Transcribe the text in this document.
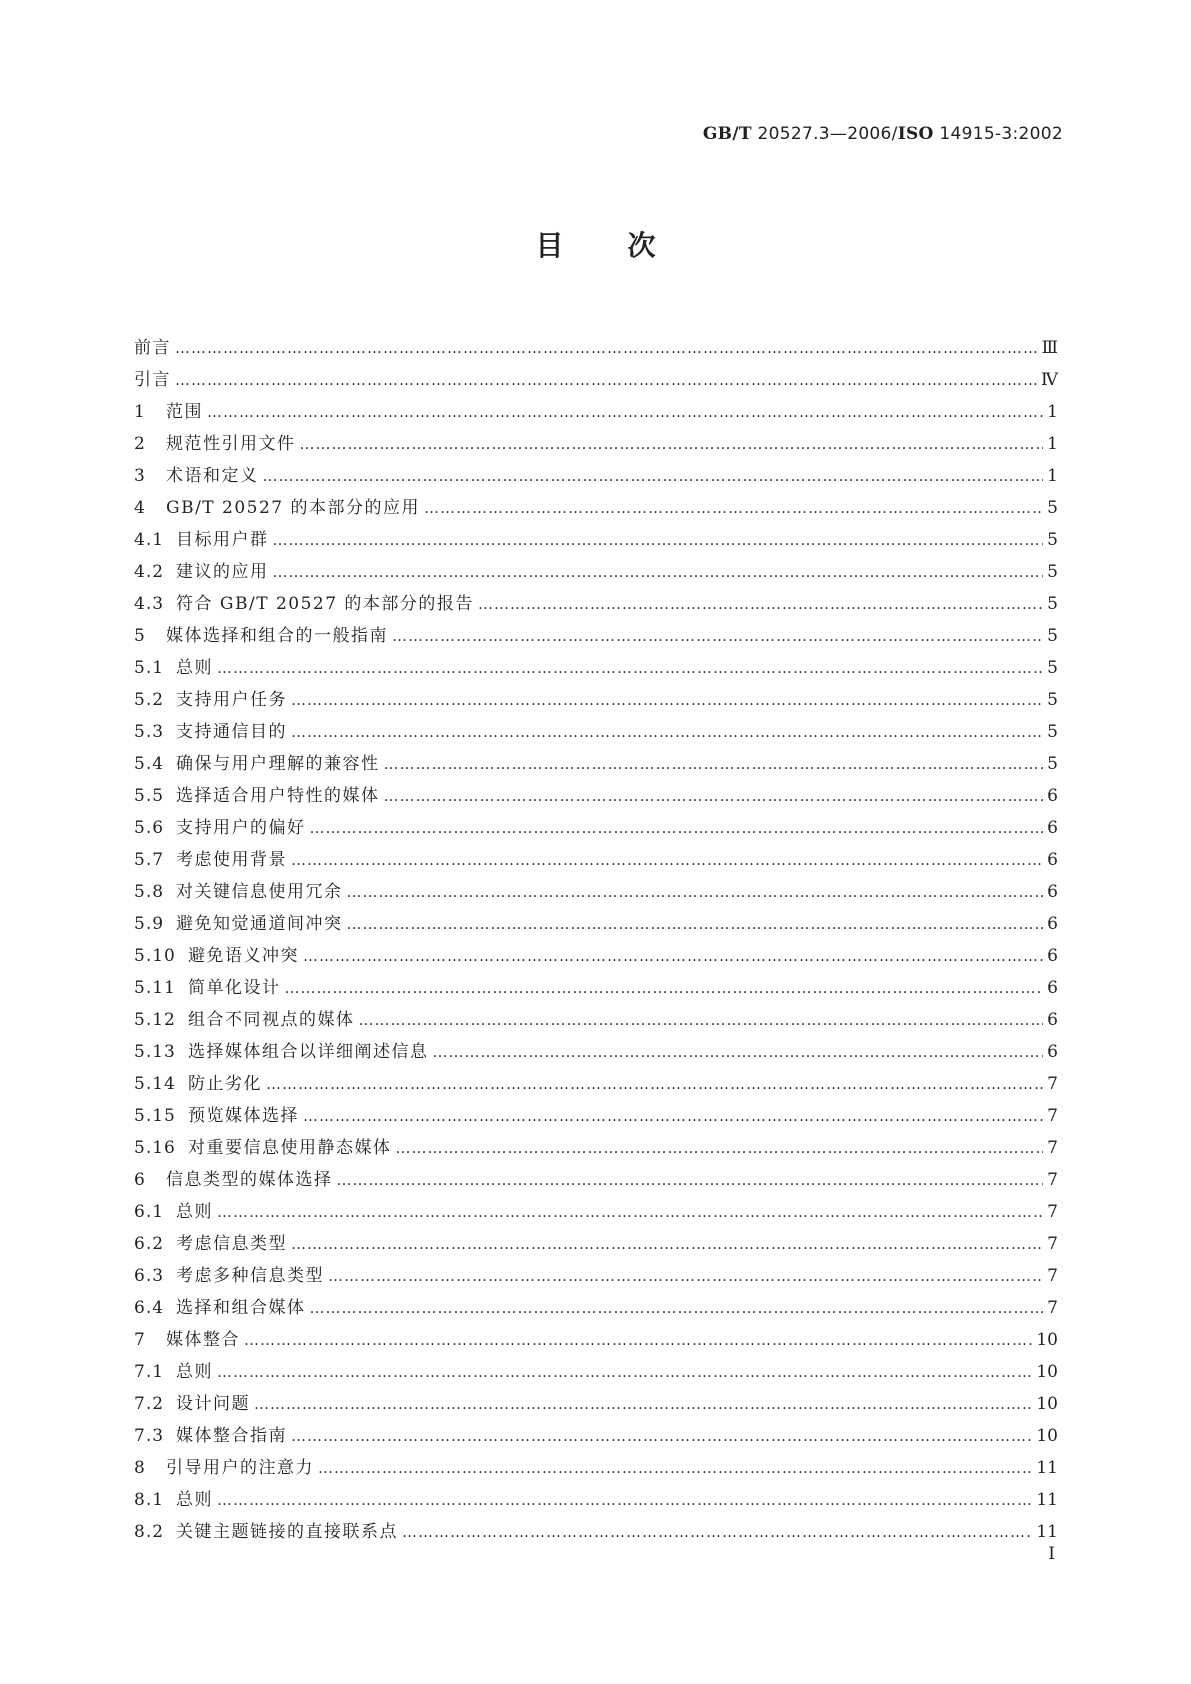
GB/T 20527.3—2006/ISO 14915-3:2002

目次
前言 ……………………………………………………………………………………………………………………………………………………………………………………………………………………	Ⅲ
引言 ……………………………………………………………………………………………………………………………………………………………………………………………………………………	Ⅳ
1	范围 ……………………………………………………………………………………………………………………………………………………………………………………………………………………	1
2	规范性引用文件 ……………………………………………………………………………………………………………………………………………………………………………………………………………………	1
3	术语和定义 ……………………………………………………………………………………………………………………………………………………………………………………………………………………	1
4	GB/T 20527 的本部分的应用 ……………………………………………………………………………………………………………………………………………………………………………………………………………………	5
4.1 目标用户群 ……………………………………………………………………………………………………………………………………………………………………………………………………………………	5
4.2 建议的应用 ……………………………………………………………………………………………………………………………………………………………………………………………………………………	5
4.3 符合 GB/T 20527 的本部分的报告 ……………………………………………………………………………………………………………………………………………………………………………………………………………………	5
5	媒体选择和组合的一般指南 ……………………………………………………………………………………………………………………………………………………………………………………………………………………	5
5.1 总则 ……………………………………………………………………………………………………………………………………………………………………………………………………………………	5
5.2 支持用户任务 ……………………………………………………………………………………………………………………………………………………………………………………………………………………	5
5.3 支持通信目的 ……………………………………………………………………………………………………………………………………………………………………………………………………………………	5
5.4 确保与用户理解的兼容性 ……………………………………………………………………………………………………………………………………………………………………………………………………………………	5
5.5 选择适合用户特性的媒体 ……………………………………………………………………………………………………………………………………………………………………………………………………………………	6
5.6 支持用户的偏好 ……………………………………………………………………………………………………………………………………………………………………………………………………………………	6
5.7 考虑使用背景 ……………………………………………………………………………………………………………………………………………………………………………………………………………………	6
5.8 对关键信息使用冗余 ……………………………………………………………………………………………………………………………………………………………………………………………………………………	6
5.9 避免知觉通道间冲突 ……………………………………………………………………………………………………………………………………………………………………………………………………………………	6
5.10 避免语义冲突 ……………………………………………………………………………………………………………………………………………………………………………………………………………………	6
5.11 简单化设计 ……………………………………………………………………………………………………………………………………………………………………………………………………………………	6
5.12 组合不同视点的媒体 ……………………………………………………………………………………………………………………………………………………………………………………………………………………	6
5.13 选择媒体组合以详细阐述信息 ……………………………………………………………………………………………………………………………………………………………………………………………………………………	6
5.14 防止劣化 ……………………………………………………………………………………………………………………………………………………………………………………………………………………	7
5.15 预览媒体选择 ……………………………………………………………………………………………………………………………………………………………………………………………………………………	7
5.16 对重要信息使用静态媒体 ……………………………………………………………………………………………………………………………………………………………………………………………………………………	7
6	信息类型的媒体选择 ……………………………………………………………………………………………………………………………………………………………………………………………………………………	7
6.1 总则 ……………………………………………………………………………………………………………………………………………………………………………………………………………………	7
6.2 考虑信息类型 ……………………………………………………………………………………………………………………………………………………………………………………………………………………	7
6.3 考虑多种信息类型 ……………………………………………………………………………………………………………………………………………………………………………………………………………………	7
6.4 选择和组合媒体 ……………………………………………………………………………………………………………………………………………………………………………………………………………………	7
7	媒体整合 ……………………………………………………………………………………………………………………………………………………………………………………………………………………	10
7.1 总则 ……………………………………………………………………………………………………………………………………………………………………………………………………………………	10
7.2 设计问题 ……………………………………………………………………………………………………………………………………………………………………………………………………………………	10
7.3 媒体整合指南 ……………………………………………………………………………………………………………………………………………………………………………………………………………………	10
8	引导用户的注意力 ……………………………………………………………………………………………………………………………………………………………………………………………………………………	11
8.1 总则 ……………………………………………………………………………………………………………………………………………………………………………………………………………………	11
8.2 关键主题链接的直接联系点 ……………………………………………………………………………………………………………………………………………………………………………………………………………………	11

I
